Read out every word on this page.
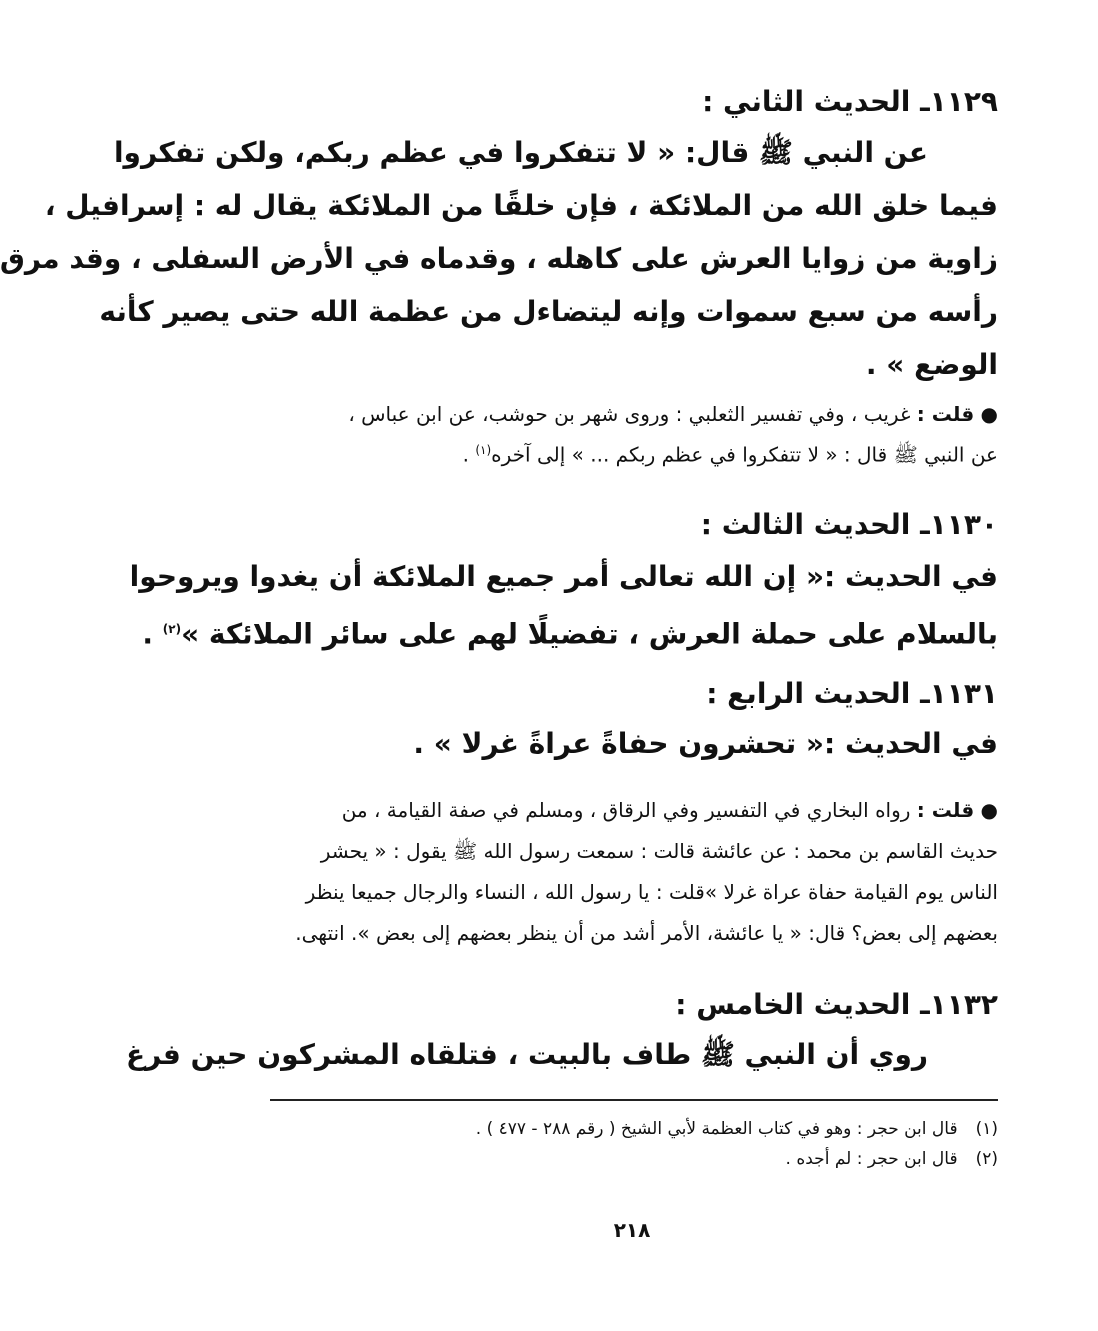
١١٢٩ـ الحديث الثاني :
عن النبي ﷺ قال: « لا تتفكروا في عظم ربكم، ولكن تفكروا
فيما خلق الله من الملائكة ، فإن خلقًا من الملائكة يقال له : إسرافيل ،
زاوية من زوايا العرش على كاهله ، وقدماه في الأرض السفلى ، وقد مرق
رأسه من سبع سموات وإنه ليتضاءل من عظمة الله حتى يصير كأنه
الوضع » .
● قلت : غريب ، وفي تفسير الثعلبي : وروى شهر بن حوشب، عن ابن عباس ،
عن النبي ﷺ قال : « لا تتفكروا في عظم ربكم ... » إلى آخره$^{(١)}$ .
١١٣٠ـ الحديث الثالث :
في الحديث :« إن الله تعالى أمر جميع الملائكة أن يغدوا ويروحوا
بالسلام على حملة العرش ، تفضيلًا لهم على سائر الملائكة »$^{(٢)}$ .
١١٣١ـ الحديث الرابع :
في الحديث :« تحشرون حفاةً عراةً غرلا » .
● قلت : رواه البخاري في التفسير وفي الرقاق ، ومسلم في صفة القيامة ، من
حديث القاسم بن محمد : عن عائشة قالت : سمعت رسول الله ﷺ يقول : « يحشر
الناس يوم القيامة حفاة عراة غرلا »قلت : يا رسول الله ، النساء والرجال جميعا ينظر
بعضهم إلى بعض؟ قال: « يا عائشة، الأمر أشد من أن ينظر بعضهم إلى بعض ». انتهى.
١١٣٢ـ الحديث الخامس :
روي أن النبي ﷺ طاف بالبيت ، فتلقاه المشركون حين فرغ
(١)قال ابن حجر : وهو في كتاب العظمة لأبي الشيخ ( رقم ٢٨٨ - ٤٧٧ ) .
(٢)قال ابن حجر : لم أجده .
٢١٨
